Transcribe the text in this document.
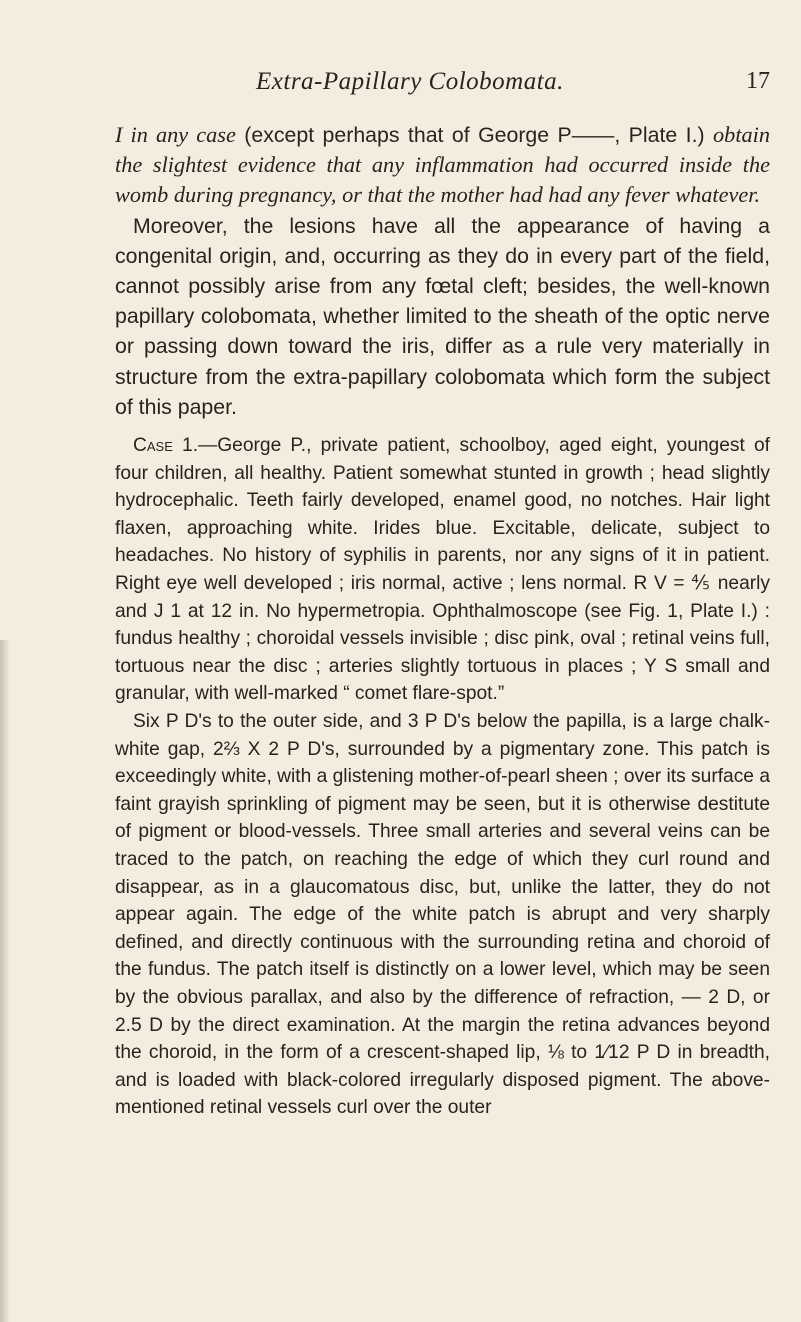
Extra-Papillary Colobomata.	17

I in any case (except perhaps that of George P——, Plate I.) obtain the slightest evidence that any inflammation had occurred inside the womb during pregnancy, or that the mother had had any fever whatever.

Moreover, the lesions have all the appearance of having a congenital origin, and, occurring as they do in every part of the field, cannot possibly arise from any fœtal cleft; besides, the well-known papillary colobomata, whether limited to the sheath of the optic nerve or passing down toward the iris, differ as a rule very materially in structure from the extra-papillary colobomata which form the subject of this paper.

Case 1.—George P., private patient, schoolboy, aged eight, youngest of four children, all healthy. Patient somewhat stunted in growth ; head slightly hydrocephalic. Teeth fairly developed, enamel good, no notches. Hair light flaxen, approaching white. Irides blue. Excitable, delicate, subject to headaches. No history of syphilis in parents, nor any signs of it in patient. Right eye well developed ; iris normal, active ; lens normal. R V = ⅘ nearly and J 1 at 12 in. No hypermetropia. Ophthalmoscope (see Fig. 1, Plate I.) : fundus healthy ; choroidal vessels invisible ; disc pink, oval ; retinal veins full, tortuous near the disc ; arteries slightly tortuous in places ; Y S small and granular, with well-marked “ comet flare-spot.”

Six P D's to the outer side, and 3 P D's below the papilla, is a large chalk-white gap, 2⅔ X 2 P D's, surrounded by a pigmentary zone. This patch is exceedingly white, with a glistening mother-of-pearl sheen ; over its surface a faint grayish sprinkling of pigment may be seen, but it is otherwise destitute of pigment or blood-vessels. Three small arteries and several veins can be traced to the patch, on reaching the edge of which they curl round and disappear, as in a glaucomatous disc, but, unlike the latter, they do not appear again. The edge of the white patch is abrupt and very sharply defined, and directly continuous with the surrounding retina and choroid of the fundus. The patch itself is distinctly on a lower level, which may be seen by the obvious parallax, and also by the difference of refraction, — 2 D, or 2.5 D by the direct examination. At the margin the retina advances beyond the choroid, in the form of a crescent-shaped lip, ⅛ to 1⁄12 P D in breadth, and is loaded with black-colored irregularly disposed pigment. The above-mentioned retinal vessels curl over the outer
